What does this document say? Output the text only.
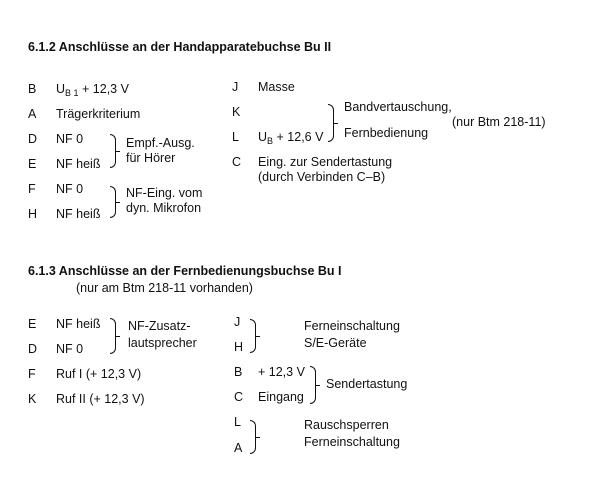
6.1.2 Anschlüsse an der Handapparatebuchse Bu II
B $U_{B 1} + 12,3$ V
A Trägerkriterium
D NF 0
E NF heiß
Empf.-Ausg.
für Hörer
F NF 0
H NF heiß
NF-Eing. vom
dyn. Mikrofon
J Masse
K
L $U_B + 12,6$ V
Bandvertauschung,
(nur Btm 218-11)
Fernbedienung
C Eing. zur Sendertastung
(durch Verbinden C–B)
6.1.3 Anschlüsse an der Fernbedienungsbuchse Bu I
(nur am Btm 218-11 vorhanden)
E NF heiß
D NF 0
NF-Zusatz-
lautsprecher
F Ruf I (+ 12,3 V)
K Ruf II (+ 12,3 V)
J
H
Ferneinschaltung
S/E-Geräte
B + 12,3 V
C Eingang
Sendertastung
L
A
Rauschsperren
Ferneinschaltung
